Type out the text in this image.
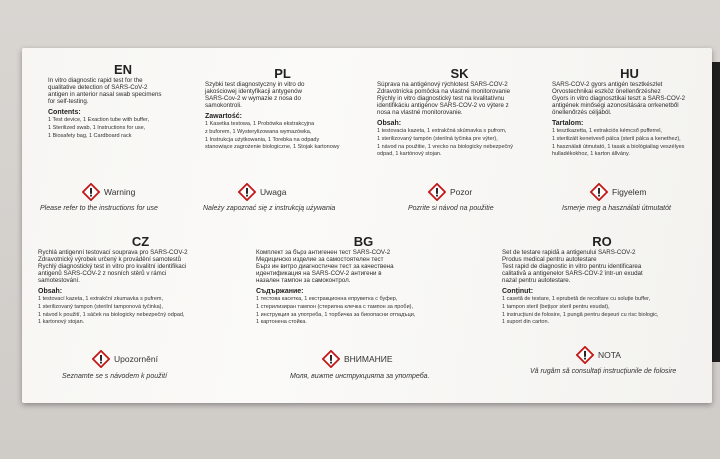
EN
In vitro diagnostic rapid test for the
qualitative detection of SARS-CoV-2
antigen in anterior nasal swab specimens
for self-testing.
Contents:
1 Test device, 1 Exaction tube with buffer,
1 Sterilized swab, 1 Instructions for use,
1 Biosafety bag, 1 Cardboard rack
PL
Szybki test diagnostyczny in vitro do
jakościowej identyfikacji antygenów
SARS-Cov-2 w wymazie z nosa do
samokontroli.
Zawartość:
1 Kasetka testowa, 1 Probówka ekstrakcyjna
z buforem, 1 Wysterylizowana wymazówka,
1 Instrukcja użytkowania, 1 Torebka na odpady
stanowiące zagrożenie biologiczne, 1 Stojak kartonowy
SK
Súprava na antigénový rýchlotest SARS-COV-2
Zdravotnícka pomôcka na vlastné monitorovanie
Rýchly in vitro diagnostický test na kvalitatívnu
identifikáciu antigénov SARS-COV-2 vo výtere z
nosa na vlastné monitorovanie.
Obsah:
1 testovacia kazeta, 1 extrakčná skúmavka s pufrom,
1 sterilizovaný tampón (sterilná tyčinka pre výter),
1 návod na použitie, 1 vrecko na biologicky nebezpečný
odpad, 1 kartónový stojan.
HU
SARS-COV-2 gyors antigén tesztkészlet
Orvostechnikai eszköz önellenőrzéshez
Gyors in vitro diagnosztikai teszt a SARS-COV-2
antigének minőségi azonosítására orrkenetből
önellenőrzés céljából.
Tartalom:
1 tesztkazetta, 1 extrakciós kémcső pufferrel,
1 sterilizált kenetvevő pálca (steril pálca a kenethez),
1 használati útmutató, 1 tasak a biológiailag veszélyes
hulladékokhoz, 1 karton állvány.
Warning
Please refer to the instructions for use
Uwaga
Należy zapoznać się z instrukcją używania
Pozor
Pozrite si návod na použitie
Figyelem
Ismerje meg a használati útmutatót
CZ
Rychlá antigenní testovací souprava pro SARS-COV-2
Zdravotnický výrobek určený k provádění samotestů
Rychlý diagnostický test in vitro pro kvalitní identifikaci
antigenů SARS-COV-2 z nosních stěrů v rámci
samotestování.
Obsah:
1 testovací kazeta, 1 extrakční zkumavka s pufrem,
1 sterilizovaný tampon (sterilní tamponová tyčinka),
1 návod k použití, 1 sáček na biologicky nebezpečný odpad,
1 kartonový stojan.
BG
Комплект за бърз антигенен тест SARS-COV-2
Медицинско изделие за самостоятелен тест
Бърз ин витро диагностичен тест за качествена
идентификация на SARS-COV-2 антигени в
назален тампон за самоконтрол.
Съдържание:
1 тестова касетка, 1 екстракционна епруветка с буфер,
1 стерилизиран тампон (стерилна клечка с тампон за проби),
1 инструкция за употреба, 1 торбичка за биоопасни отпадъци,
1 картонена стойка.
RO
Set de testare rapidă a antigenului SARS-COV-2
Produs medical pentru autotestare
Test rapid de diagnostic in vitro pentru identificarea
calitativă a antigenelor SARS-COV-2 într-un exudat
nazal pentru autotestare.
Conținut:
1 casetă de testare, 1 eprubetă de recoltare cu soluție buffer,
1 tampon steril (bețișor steril pentru exudat),
1 instrucțiuni de folosire, 1 pungă pentru deșeuri cu risc biologic,
1 suport din carton.
Upozornění
Seznamte se s návodem k použití
ВНИМАНИЕ
Моля, вижте инструкцията за употреба.
NOTA
Vă rugăm să consultați instrucțiunile de folosire
